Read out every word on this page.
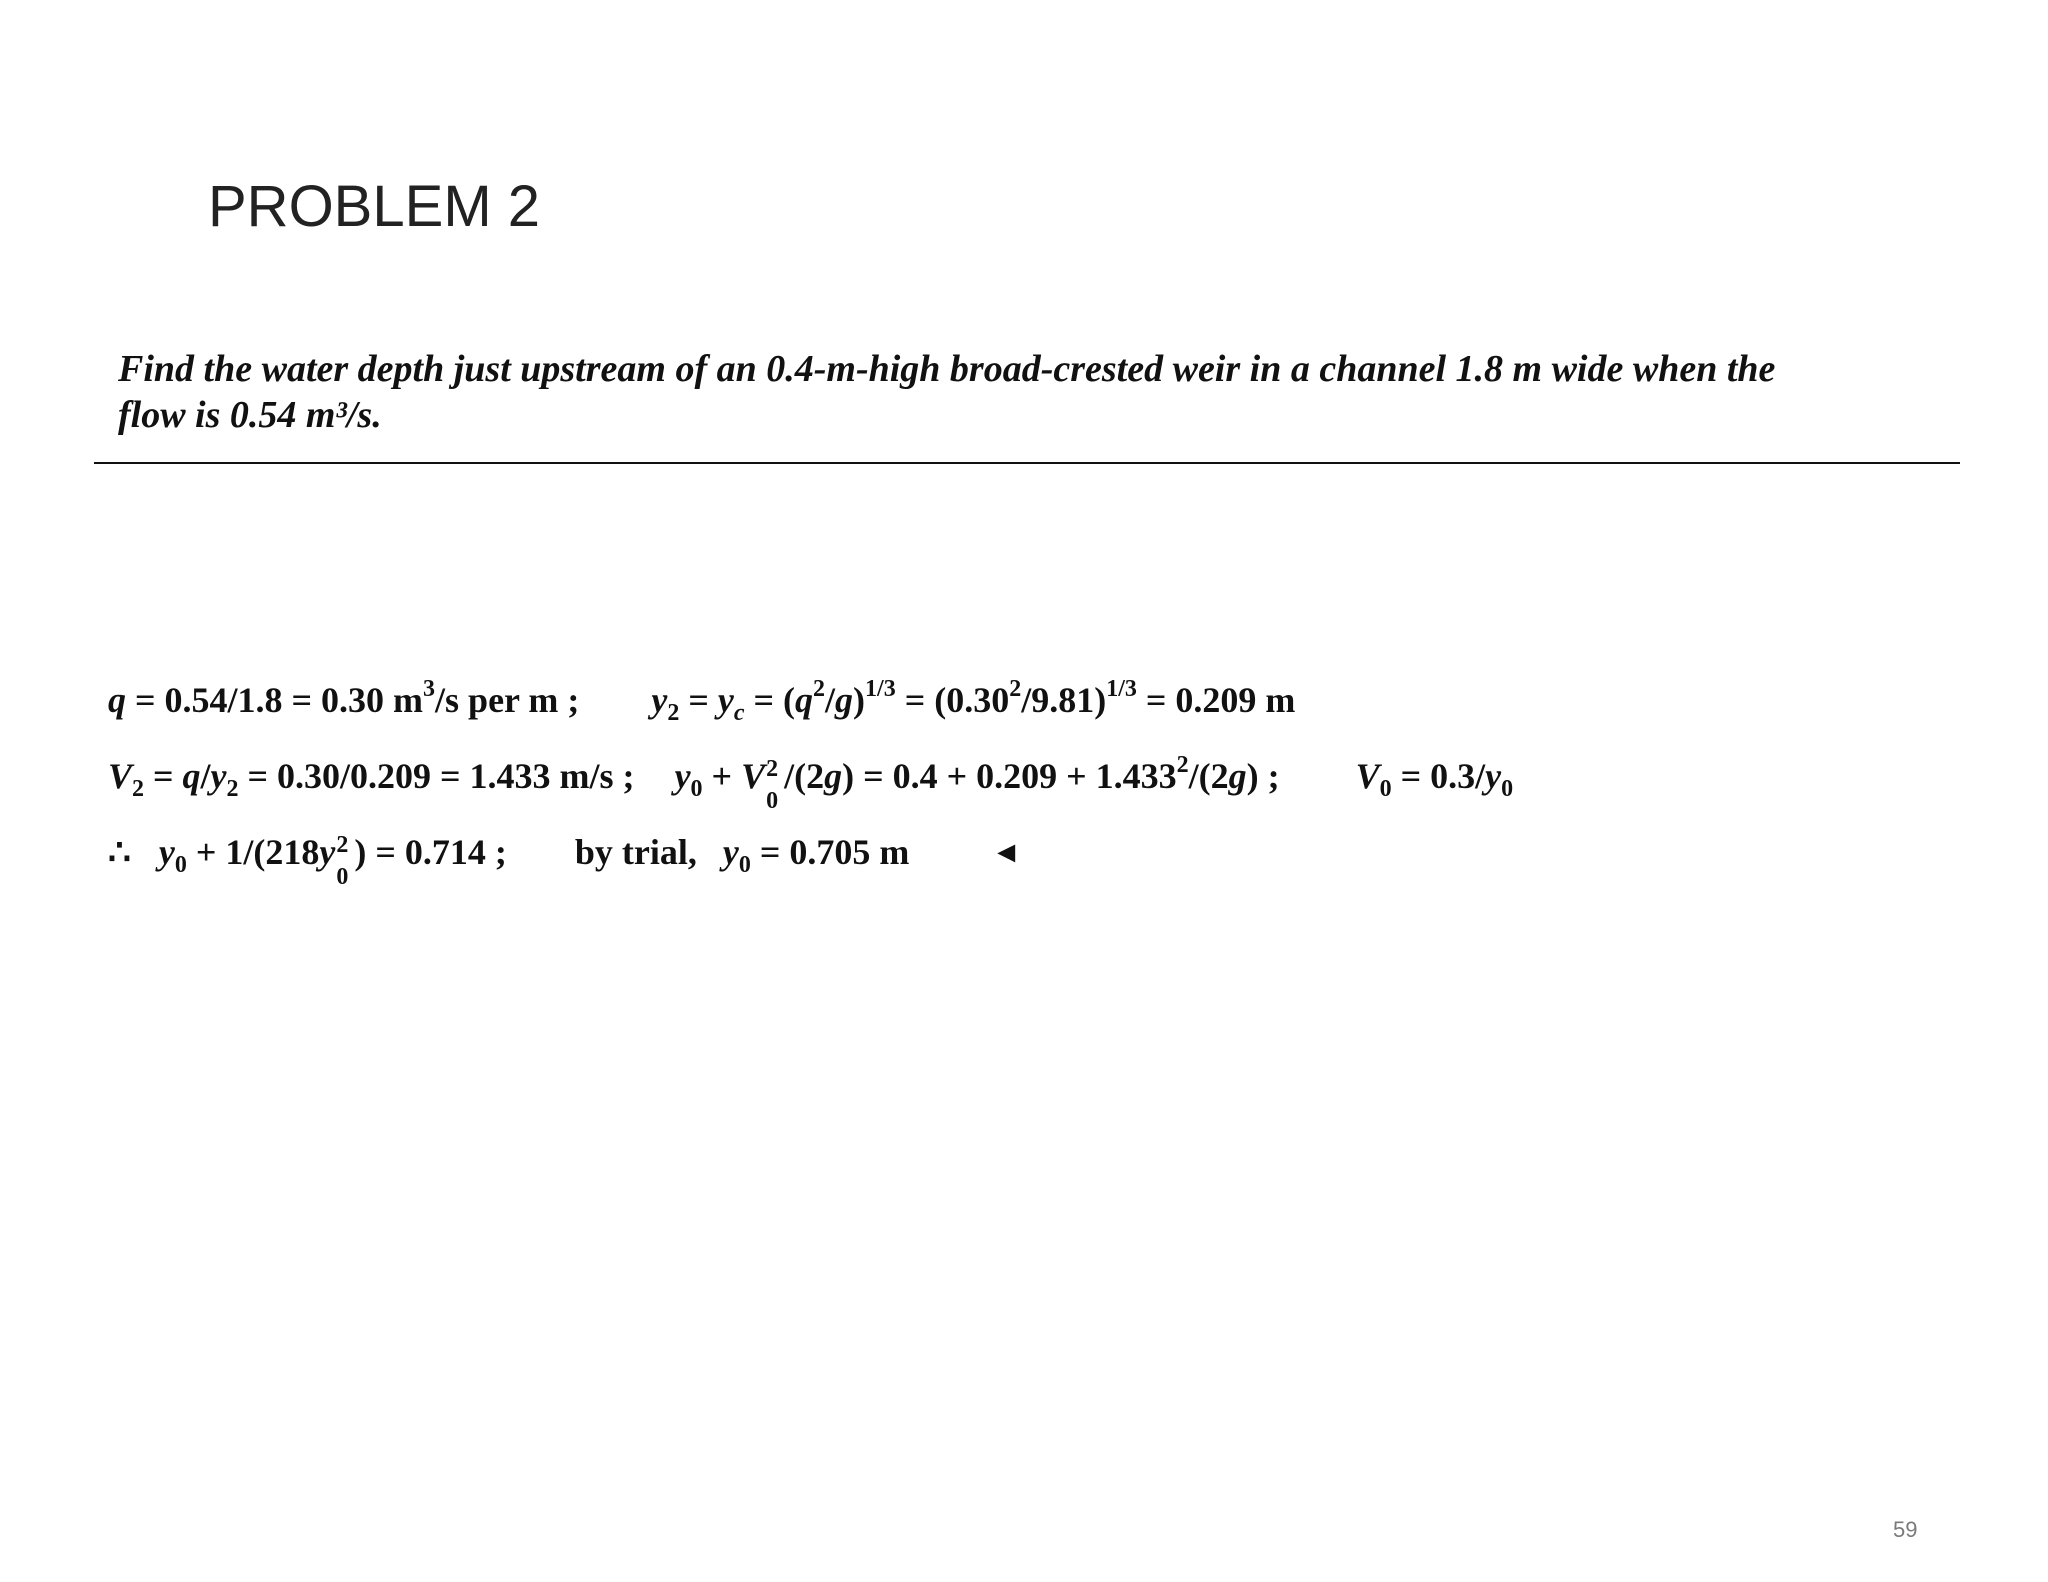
PROBLEM 2
Find the water depth just upstream of an 0.4-m-high broad-crested weir in a channel 1.8 m wide when the
flow is 0.54 m³/s.
q = 0.54/1.8 = 0.30 $m^3/s$ per m ; $y_2 = y_c = (q^2/g)^{1/3} = (0.30^2/9.81)^{1/3} = 0.209$ m
$V_2 = q/y_2 = 0.30/0.209 = 1.433$ m/s ; $y_0 + V$ 2
0
$/(2g) = 0.4 + 0.209 + 1.433^2/(2g)$ ; $V_0 = 0.3/y_0$
∴ $y_0 + 1/(218y$ 2
0
) = 0.714 ; by trial, $y_0 = 0.705$ m	◄
59
